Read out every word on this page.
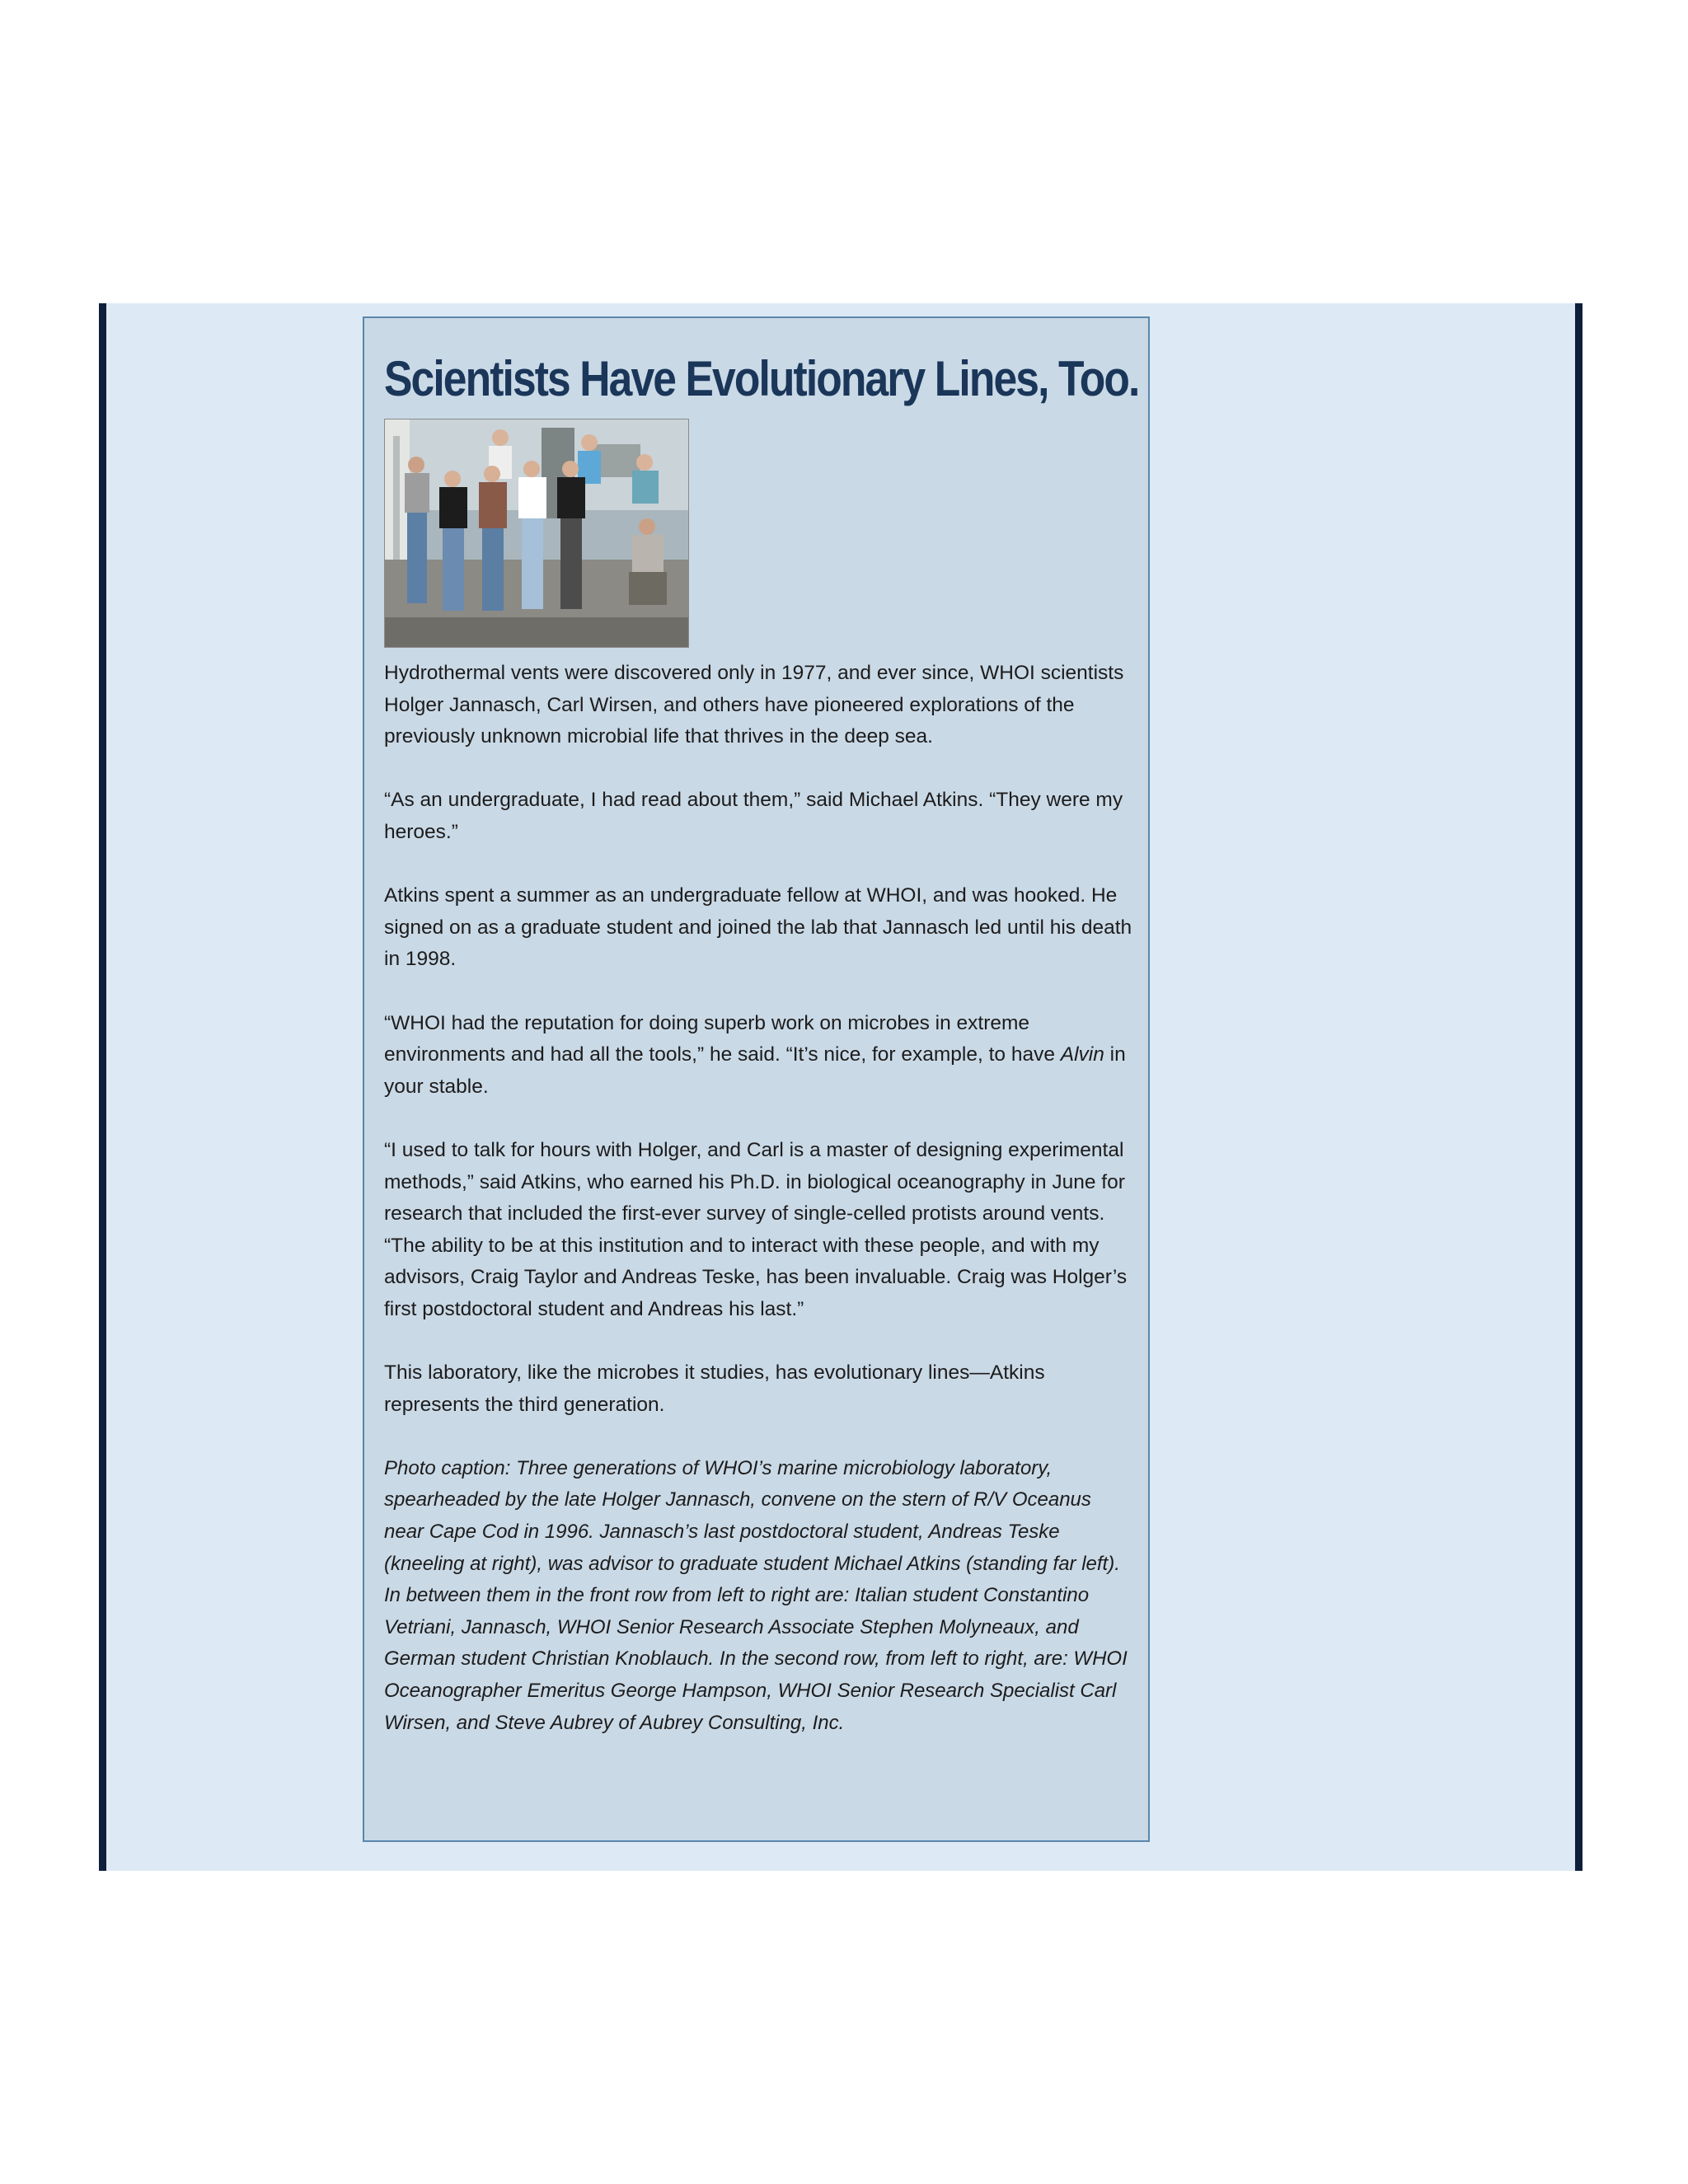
Scientists Have Evolutionary Lines, Too.

Hydrothermal vents were discovered only in 1977, and ever since, WHOI scientists Holger Jannasch, Carl Wirsen, and others have pioneered explorations of the previously unknown microbial life that thrives in the deep sea.

“As an undergraduate, I had read about them,” said Michael Atkins. “They were my heroes.”

Atkins spent a summer as an undergraduate fellow at WHOI, and was hooked. He signed on as a graduate student and joined the lab that Jannasch led until his death in 1998.

“WHOI had the reputation for doing superb work on microbes in extreme environments and had all the tools,” he said. “It’s nice, for example, to have Alvin in your stable.

“I used to talk for hours with Holger, and Carl is a master of designing experimental methods,” said Atkins, who earned his Ph.D. in biological oceanography in June for research that included the first-ever survey of single-celled protists around vents. “The ability to be at this institution and to interact with these people, and with my advisors, Craig Taylor and Andreas Teske, has been invaluable. Craig was Holger’s first postdoctoral student and Andreas his last.”

This laboratory, like the microbes it studies, has evolutionary lines—Atkins represents the third generation.

Photo caption: Three generations of WHOI’s marine microbiology laboratory, spearheaded by the late Holger Jannasch, convene on the stern of R/V Oceanus near Cape Cod in 1996. Jannasch’s last postdoctoral student, Andreas Teske (kneeling at right), was advisor to graduate student Michael Atkins (standing far left). In between them in the front row from left to right are: Italian student Constantino Vetriani, Jannasch, WHOI Senior Research Associate Stephen Molyneaux, and German student Christian Knoblauch. In the second row, from left to right, are: WHOI Oceanographer Emeritus George Hampson, WHOI Senior Research Specialist Carl Wirsen, and Steve Aubrey of Aubrey Consulting, Inc.
